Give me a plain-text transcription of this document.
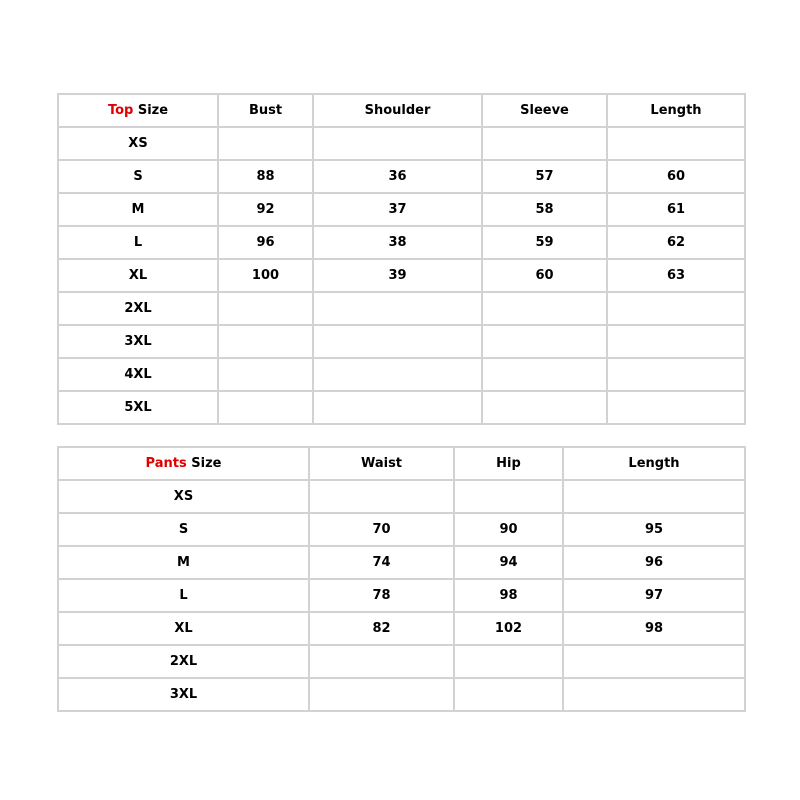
Top Size	Bust	Shoulder	Sleeve	Length
XS				
S	88	36	57	60
M	92	37	58	61
L	96	38	59	62
XL	100	39	60	63
2XL				
3XL				
4XL				
5XL				
Pants Size	Waist	Hip	Length
XS			
S	70	90	95
M	74	94	96
L	78	98	97
XL	82	102	98
2XL			
3XL			
